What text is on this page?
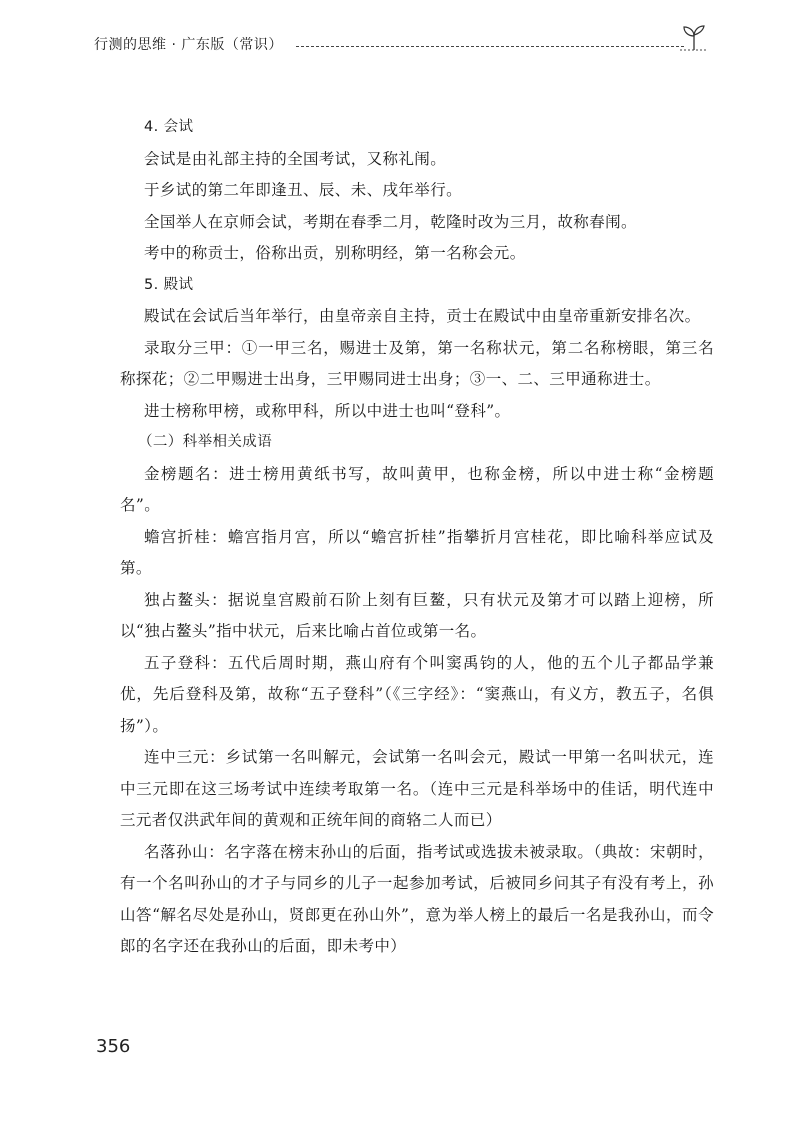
行测的思维 · 广东版（常识）

4. 会试

会试是由礼部主持的全国考试，又称礼闱。

于乡试的第二年即逢丑、辰、未、戌年举行。

全国举人在京师会试，考期在春季二月，乾隆时改为三月，故称春闱。

考中的称贡士，俗称出贡，别称明经，第一名称会元。

5. 殿试

殿试在会试后当年举行，由皇帝亲自主持，贡士在殿试中由皇帝重新安排名次。

录取分三甲：①一甲三名，赐进士及第，第一名称状元，第二名称榜眼，第三名称探花；②二甲赐进士出身，三甲赐同进士出身；③一、二、三甲通称进士。

进士榜称甲榜，或称甲科，所以中进士也叫“登科”。

（二）科举相关成语

金榜题名：进士榜用黄纸书写，故叫黄甲，也称金榜，所以中进士称“金榜题名”。

蟾宫折桂：蟾宫指月宫，所以“蟾宫折桂”指攀折月宫桂花，即比喻科举应试及第。

独占鳌头：据说皇宫殿前石阶上刻有巨鳌，只有状元及第才可以踏上迎榜，所以“独占鳌头”指中状元，后来比喻占首位或第一名。

五子登科：五代后周时期，燕山府有个叫窦禹钧的人，他的五个儿子都品学兼优，先后登科及第，故称“五子登科”（《三字经》：“窦燕山，有义方，教五子，名俱扬”）。

连中三元：乡试第一名叫解元，会试第一名叫会元，殿试一甲第一名叫状元，连中三元即在这三场考试中连续考取第一名。（连中三元是科举场中的佳话，明代连中三元者仅洪武年间的黄观和正统年间的商辂二人而已）

名落孙山：名字落在榜末孙山的后面，指考试或选拔未被录取。（典故：宋朝时，有一个名叫孙山的才子与同乡的儿子一起参加考试，后被同乡问其子有没有考上，孙山答“解名尽处是孙山，贤郎更在孙山外”，意为举人榜上的最后一名是我孙山，而令郎的名字还在我孙山的后面，即未考中）

356
